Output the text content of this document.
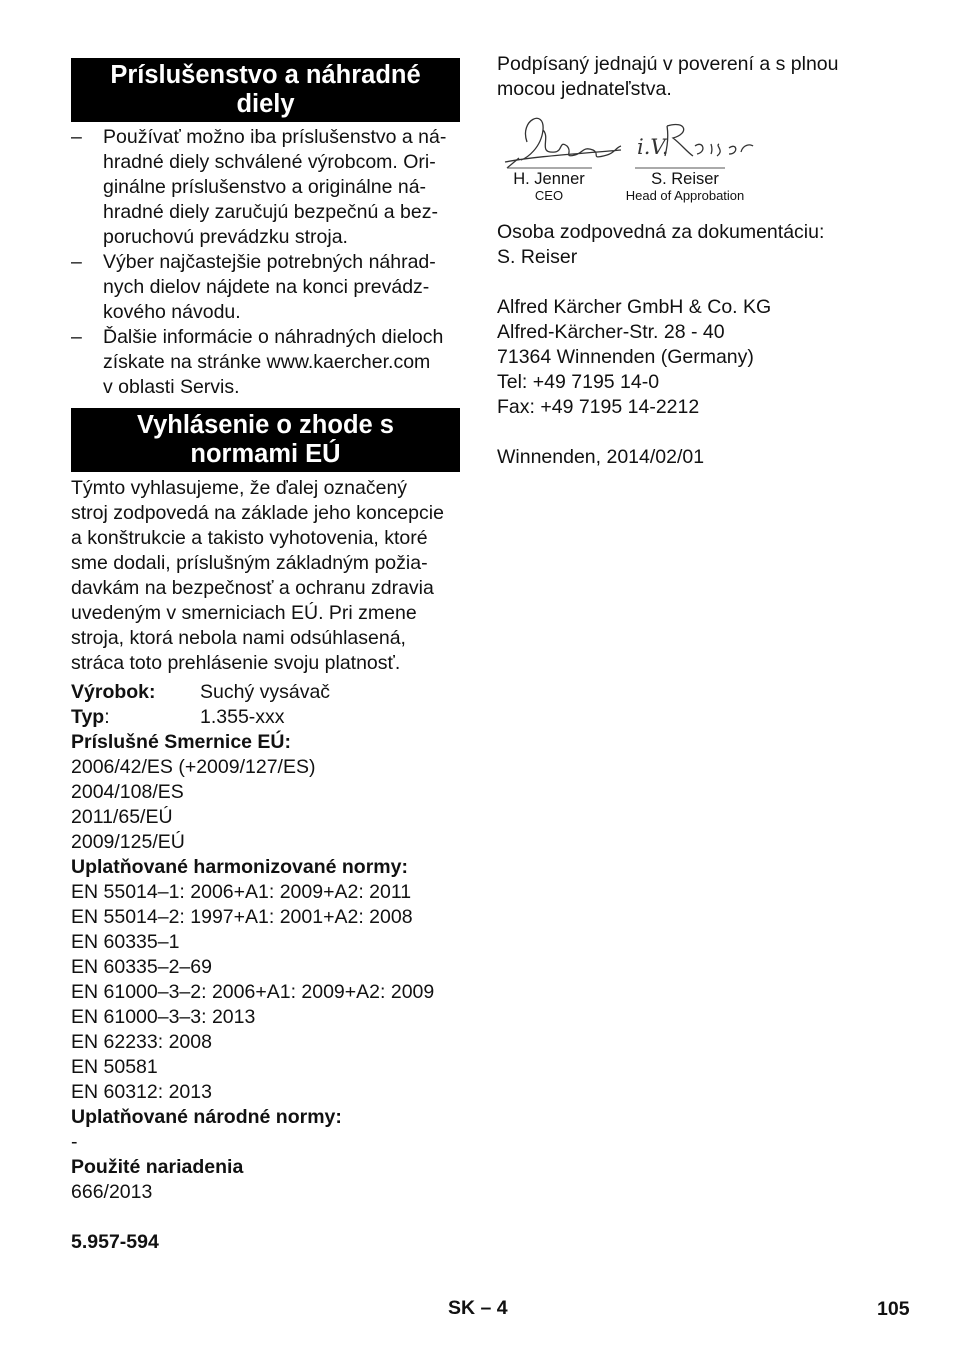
Príslušenstvo a náhradné
diely
– Používať možno iba príslušenstvo a ná-
hradné diely schválené výrobcom. Ori-
ginálne príslušenstvo a originálne ná-
hradné diely zaručujú bezpečnú a bez-
poruchovú prevádzku stroja.
– Výber najčastejšie potrebných náhrad-
nych dielov nájdete na konci prevádz-
kového návodu.
– Ďalšie informácie o náhradných dieloch
získate na stránke www.kaercher.com
v oblasti Servis.
Vyhlásenie o zhode s
normami EÚ
Týmto vyhlasujeme, že ďalej označený
stroj zodpovedá na základe jeho koncepcie
a konštrukcie a takisto vyhotovenia, ktoré
sme dodali, príslušným základným požia-
davkám na bezpečnosť a ochranu zdravia
uvedeným v smerniciach EÚ. Pri zmene
stroja, ktorá nebola nami odsúhlasená,
stráca toto prehlásenie svoju platnosť.
Výrobok:	Suchý vysávač
Typ:	1.355-xxx
Príslušné Smernice EÚ:
2006/42/ES (+2009/127/ES)
2004/108/ES
2011/65/EÚ
2009/125/EÚ
Uplatňované harmonizované normy:
EN 55014–1: 2006+A1: 2009+A2: 2011
EN 55014–2: 1997+A1: 2001+A2: 2008
EN 60335–1
EN 60335–2–69
EN 61000–3–2: 2006+A1: 2009+A2: 2009
EN 61000–3–3: 2013
EN 62233: 2008
EN 50581
EN 60312: 2013
Uplatňované národné normy:
-
Použité nariadenia
666/2013
5.957-594
Podpísaný jednajú v poverení a s plnou
mocou jednateľstva.
i.V.
H. Jenner
CEO
S. Reiser
Head of Approbation
Osoba zodpovedná za dokumentáciu:
S. Reiser
Alfred Kärcher GmbH & Co. KG
Alfred-Kärcher-Str. 28 - 40
71364 Winnenden (Germany)
Tel: +49 7195 14-0
Fax: +49 7195 14-2212
Winnenden, 2014/02/01
SK – 4	105
